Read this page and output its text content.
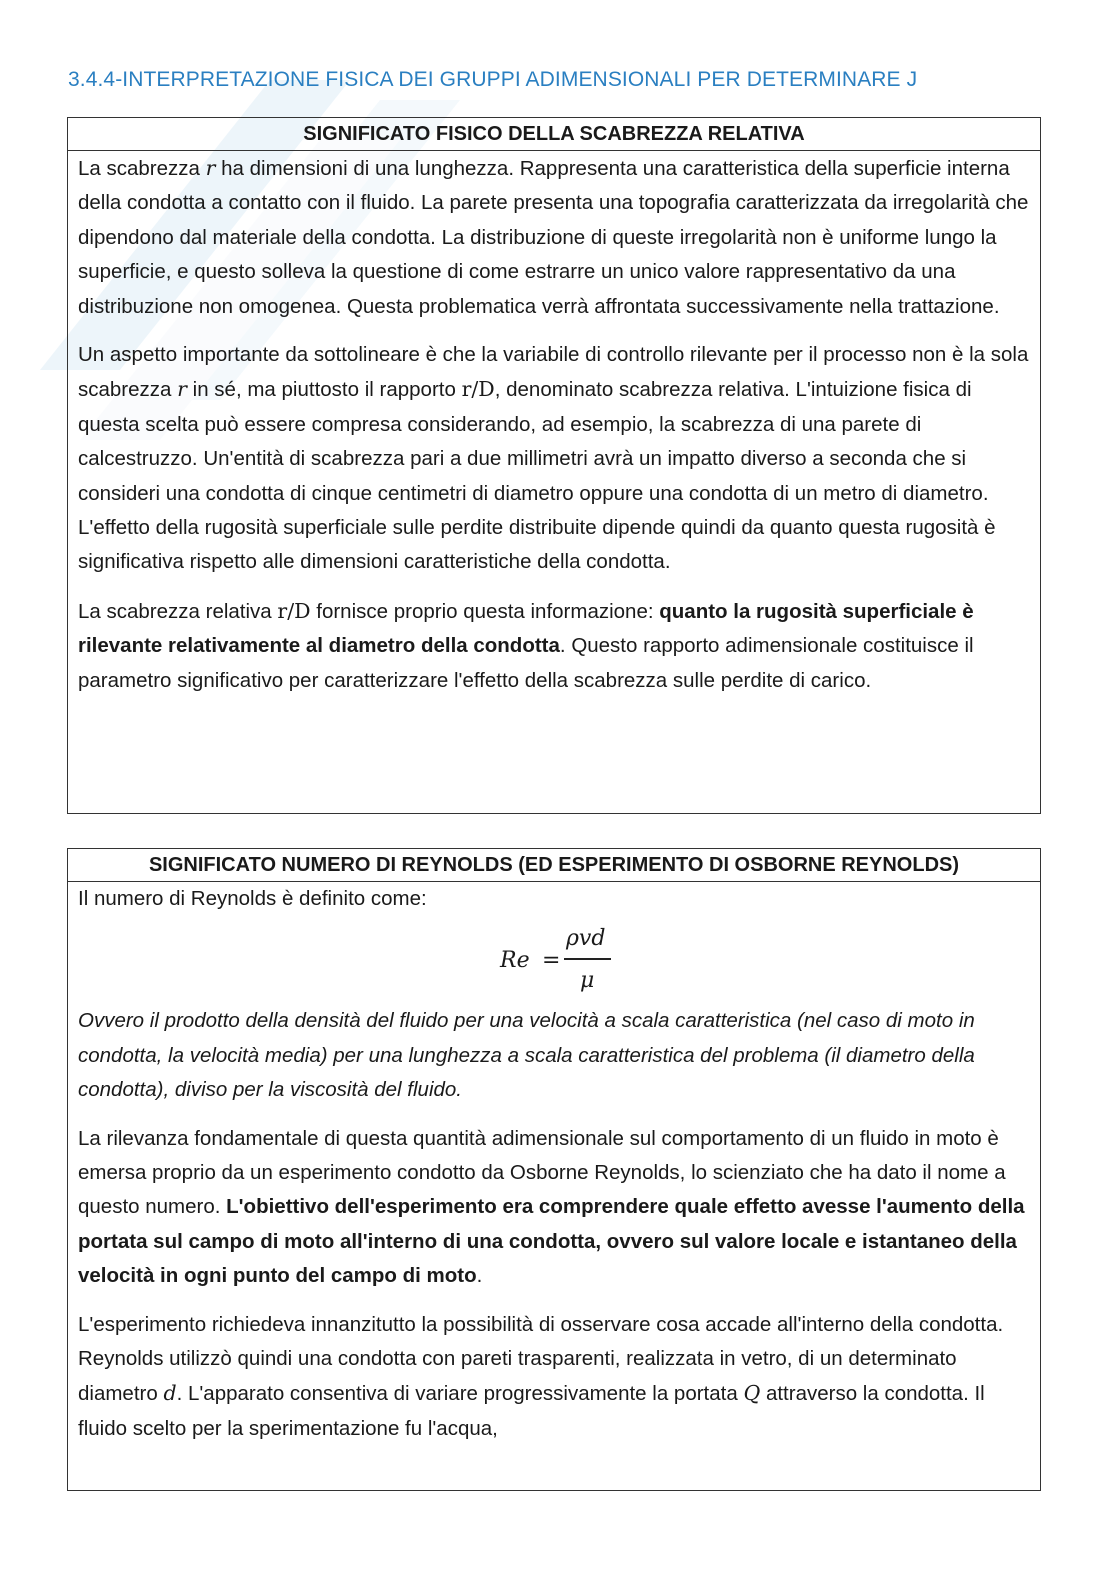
3.4.4-INTERPRETAZIONE FISICA DEI GRUPPI ADIMENSIONALI PER DETERMINARE J
SIGNIFICATO FISICO DELLA SCABREZZA RELATIVA

La scabrezza r ha dimensioni di una lunghezza. Rappresenta una caratteristica della superficie interna della condotta a contatto con il fluido. La parete presenta una topografia caratterizzata da irregolarità che dipendono dal materiale della condotta. La distribuzione di queste irregolarità non è uniforme lungo la superficie, e questo solleva la questione di come estrarre un unico valore rappresentativo da una distribuzione non omogenea. Questa problematica verrà affrontata successivamente nella trattazione.

Un aspetto importante da sottolineare è che la variabile di controllo rilevante per il processo non è la sola scabrezza r in sé, ma piuttosto il rapporto r/D, denominato scabrezza relativa. L'intuizione fisica di questa scelta può essere compresa considerando, ad esempio, la scabrezza di una parete di calcestruzzo. Un'entità di scabrezza pari a due millimetri avrà un impatto diverso a seconda che si consideri una condotta di cinque centimetri di diametro oppure una condotta di un metro di diametro. L'effetto della rugosità superficiale sulle perdite distribuite dipende quindi da quanto questa rugosità è significativa rispetto alle dimensioni caratteristiche della condotta.

La scabrezza relativa r/D fornisce proprio questa informazione: quanto la rugosità superficiale è rilevante relativamente al diametro della condotta. Questo rapporto adimensionale costituisce il parametro significativo per caratterizzare l'effetto della scabrezza sulle perdite di carico.

SIGNIFICATO NUMERO DI REYNOLDS (ED ESPERIMENTO DI OSBORNE REYNOLDS)

Il numero di Reynolds è definito come:

Re =
ρvd
μ

Ovvero il prodotto della densità del fluido per una velocità a scala caratteristica (nel caso di moto in condotta, la velocità media) per una lunghezza a scala caratteristica del problema (il diametro della condotta), diviso per la viscosità del fluido.

La rilevanza fondamentale di questa quantità adimensionale sul comportamento di un fluido in moto è emersa proprio da un esperimento condotto da Osborne Reynolds, lo scienziato che ha dato il nome a questo numero. L'obiettivo dell'esperimento era comprendere quale effetto avesse l'aumento della portata sul campo di moto all'interno di una condotta, ovvero sul valore locale e istantaneo della velocità in ogni punto del campo di moto.

L'esperimento richiedeva innanzitutto la possibilità di osservare cosa accade all'interno della condotta. Reynolds utilizzò quindi una condotta con pareti trasparenti, realizzata in vetro, di un determinato diametro d. L'apparato consentiva di variare progressivamente la portata Q attraverso la condotta. Il fluido scelto per la sperimentazione fu l'acqua,
